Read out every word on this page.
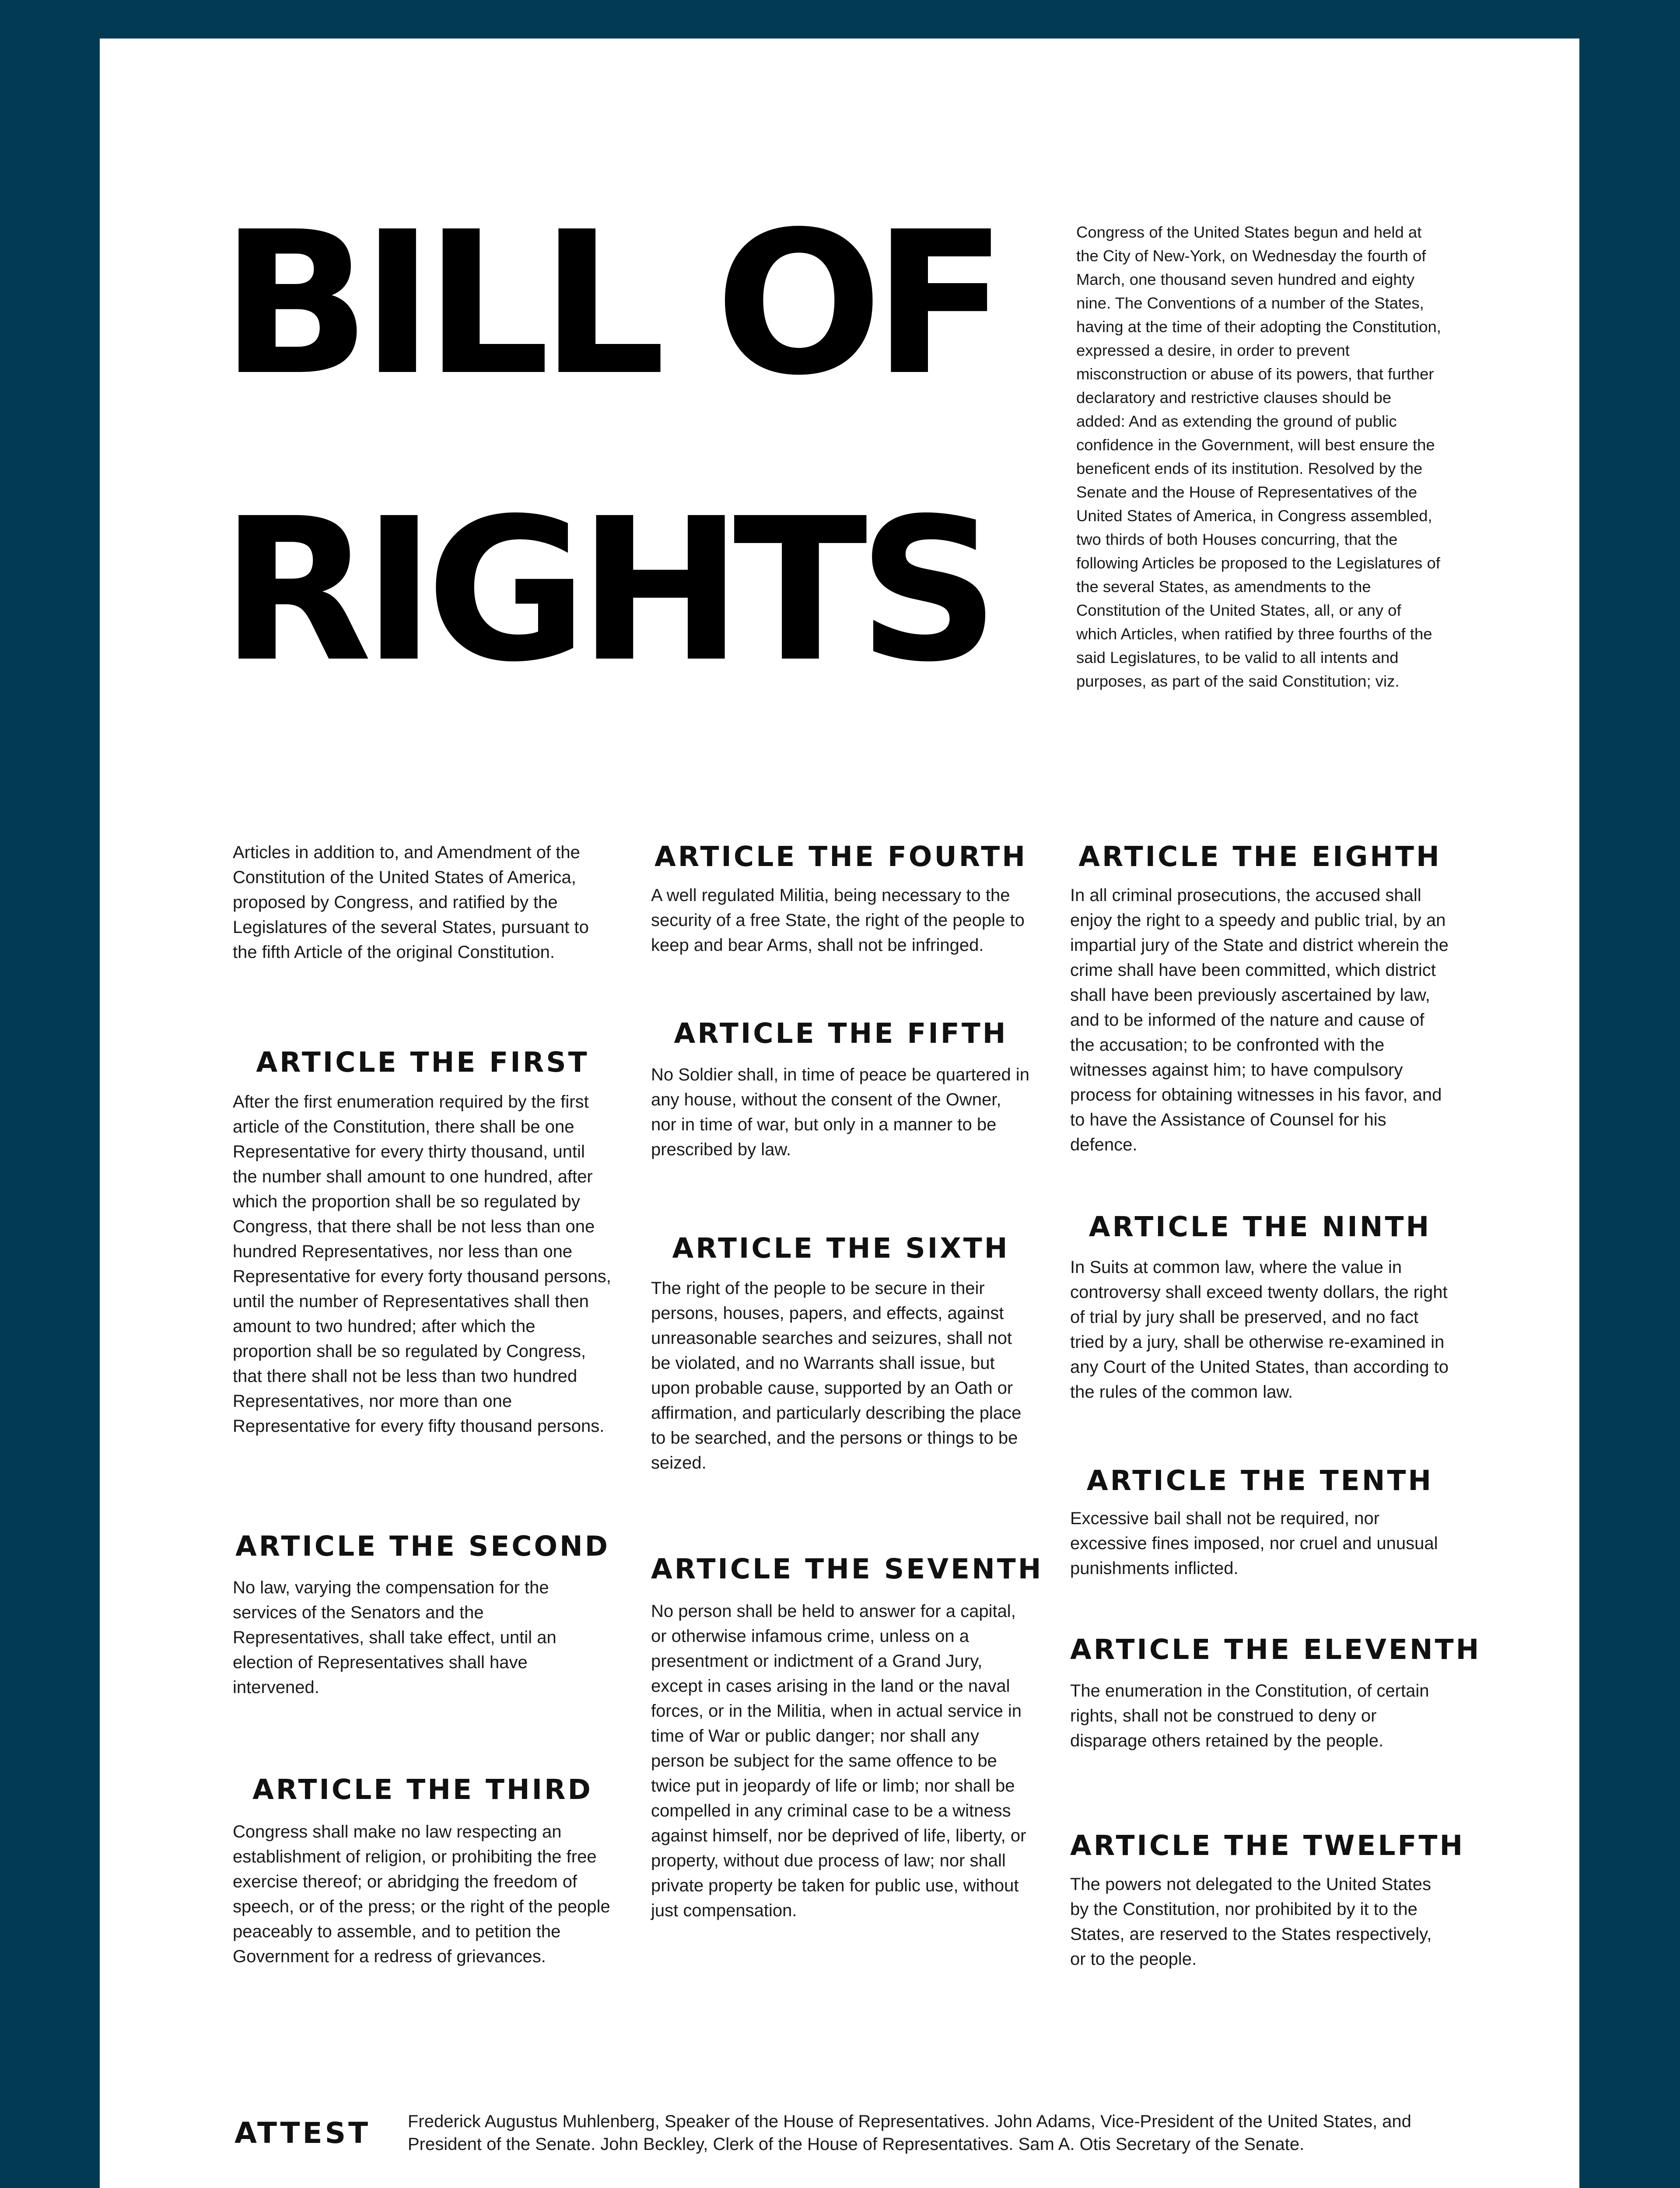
BILL OF
RIGHTS
Congress of the United States begun and held at the City of New-York, on Wednesday the fourth of March, one thousand seven hundred and eighty nine. The Conventions of a number of the States, having at the time of their adopting the Constitution, expressed a desire, in order to prevent misconstruction or abuse of its powers, that further declaratory and restrictive clauses should be added: And as extending the ground of public confidence in the Government, will best ensure the beneficent ends of its institution. Resolved by the Senate and the House of Representatives of the United States of America, in Congress assembled, two thirds of both Houses concurring, that the following Articles be proposed to the Legislatures of the several States, as amendments to the Constitution of the United States, all, or any of which Articles, when ratified by three fourths of the said Legislatures, to be valid to all intents and purposes, as part of the said Constitution; viz.
Articles in addition to, and Amendment of the Constitution of the United States of America, proposed by Congress, and ratified by the Legislatures of the several States, pursuant to the fifth Article of the original Constitution.
ARTICLE THE FIRST
After the first enumeration required by the first article of the Constitution, there shall be one Representative for every thirty thousand, until the number shall amount to one hundred, after which the proportion shall be so regulated by Congress, that there shall be not less than one hundred Representatives, nor less than one Representative for every forty thousand persons, until the number of Representatives shall then amount to two hundred; after which the proportion shall be so regulated by Congress, that there shall not be less than two hundred Representatives, nor more than one Representative for every fifty thousand persons.
ARTICLE THE SECOND
No law, varying the compensation for the services of the Senators and the Representatives, shall take effect, until an election of Representatives shall have intervened.
ARTICLE THE THIRD
Congress shall make no law respecting an establishment of religion, or prohibiting the free exercise thereof; or abridging the freedom of speech, or of the press; or the right of the people peaceably to assemble, and to petition the Government for a redress of grievances.
ARTICLE THE FOURTH
A well regulated Militia, being necessary to the security of a free State, the right of the people to keep and bear Arms, shall not be infringed.
ARTICLE THE FIFTH
No Soldier shall, in time of peace be quartered in any house, without the consent of the Owner, nor in time of war, but only in a manner to be prescribed by law.
ARTICLE THE SIXTH
The right of the people to be secure in their persons, houses, papers, and effects, against unreasonable searches and seizures, shall not be violated, and no Warrants shall issue, but upon probable cause, supported by an Oath or affirmation, and particularly describing the place to be searched, and the persons or things to be seized.
ARTICLE THE SEVENTH
No person shall be held to answer for a capital, or otherwise infamous crime, unless on a presentment or indictment of a Grand Jury, except in cases arising in the land or the naval forces, or in the Militia, when in actual service in time of War or public danger; nor shall any person be subject for the same offence to be twice put in jeopardy of life or limb; nor shall be compelled in any criminal case to be a witness against himself, nor be deprived of life, liberty, or property, without due process of law; nor shall private property be taken for public use, without just compensation.
ARTICLE THE EIGHTH
In all criminal prosecutions, the accused shall enjoy the right to a speedy and public trial, by an impartial jury of the State and district wherein the crime shall have been committed, which district shall have been previously ascertained by law, and to be informed of the nature and cause of the accusation; to be confronted with the witnesses against him; to have compulsory process for obtaining witnesses in his favor, and to have the Assistance of Counsel for his defence.
ARTICLE THE NINTH
In Suits at common law, where the value in controversy shall exceed twenty dollars, the right of trial by jury shall be preserved, and no fact tried by a jury, shall be otherwise re-examined in any Court of the United States, than according to the rules of the common law.
ARTICLE THE TENTH
Excessive bail shall not be required, nor excessive fines imposed, nor cruel and unusual punishments inflicted.
ARTICLE THE ELEVENTH
The enumeration in the Constitution, of certain rights, shall not be construed to deny or disparage others retained by the people.
ARTICLE THE TWELFTH
The powers not delegated to the United States by the Constitution, nor prohibited by it to the States, are reserved to the States respectively, or to the people.
ATTEST Frederick Augustus Muhlenberg, Speaker of the House of Representatives. John Adams, Vice-President of the United States, and President of the Senate. John Beckley, Clerk of the House of Representatives. Sam A. Otis Secretary of the Senate.
